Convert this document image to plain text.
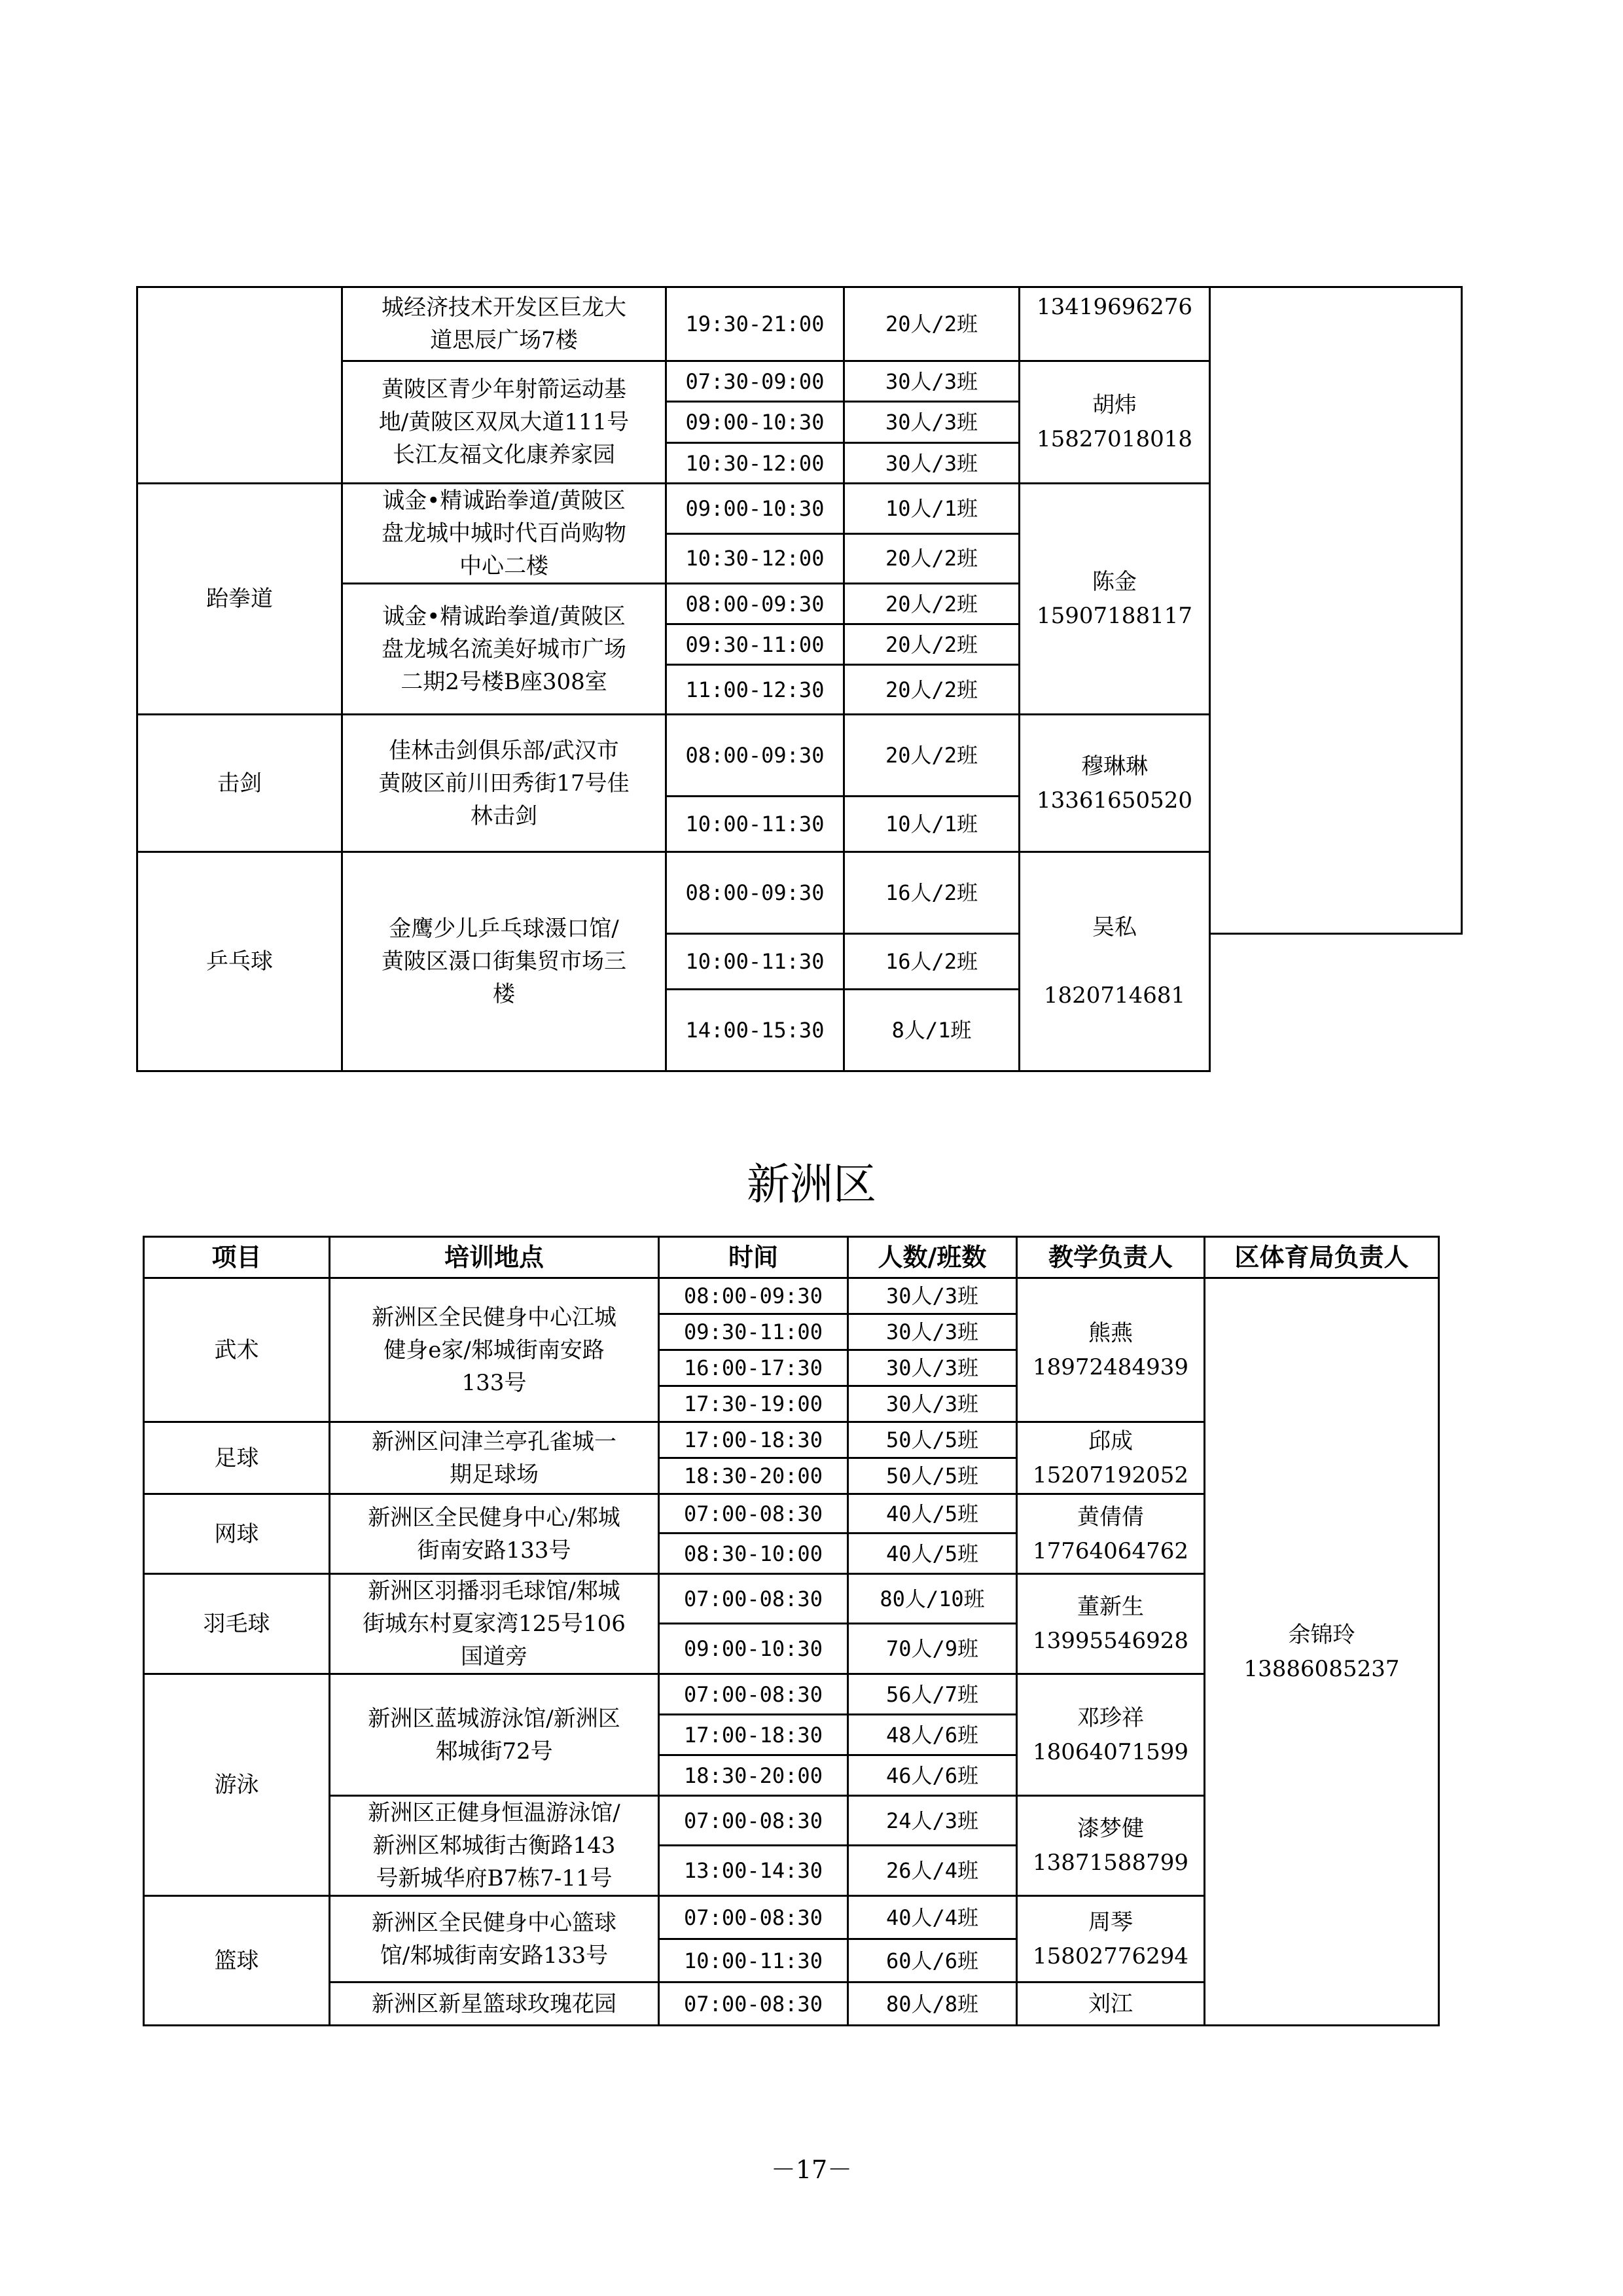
	城经济技术开发区巨龙大
道思辰广场7楼	19:30-21:00	20人/2班	13419696276	

	黄陂区青少年射箭运动基
地/黄陂区双凤大道111号
长江友福文化康养家园	07:30-09:00	30人/3班	胡炜
15827018018	

		09:00-10:30	30人/3班		
		10:30-12:00	30人/3班		
跆拳道	诚金•精诚跆拳道/黄陂区
盘龙城中城时代百尚购物
中心二楼	09:00-10:30	10人/1班	陈金
15907188117	

		10:30-12:00	20人/2班		

	诚金•精诚跆拳道/黄陂区
盘龙城名流美好城市广场
二期2号楼B座308室	08:00-09:30	20人/2班		
		09:30-11:00	20人/2班		
		11:00-12:30	20人/2班		
击剑	佳林击剑俱乐部/武汉市
黄陂区前川田秀街17号佳
林击剑	08:00-09:30	20人/2班	穆琳琳
13361650520	

		10:00-11:30	10人/1班		
乒乓球	金鹰少儿乒乓球滠口馆/
黄陂区滠口街集贸市场三
楼	08:00-09:30	16人/2班	吴私

1820714681	

		10:00-11:30	16人/2班		
		14:00-15:30	8人/1班		
新洲区
项目	培训地点	时间	人数/班数	教学负责人	区体育局负责人
武术	新洲区全民健身中心江城
健身e家/邾城街南安路
133号	08:00-09:30	30人/3班	熊燕
18972484939	余锦玲
13886085237

		09:30-11:00	30人/3班		
		16:00-17:30	30人/3班		
		17:30-19:00	30人/3班		
足球	新洲区问津兰亭孔雀城一
期足球场	17:00-18:30	50人/5班	邱成
15207192052	

		18:30-20:00	50人/5班		
网球	新洲区全民健身中心/邾城
街南安路133号	07:00-08:30	40人/5班	黄倩倩
17764064762	

		08:30-10:00	40人/5班		
羽毛球	新洲区羽播羽毛球馆/邾城
街城东村夏家湾125号106
国道旁	07:00-08:30	80人/10班	董新生
13995546928	

		09:00-10:30	70人/9班		
游泳	新洲区蓝城游泳馆/新洲区
邾城街72号	07:00-08:30	56人/7班	邓珍祥
18064071599	

		17:00-18:30	48人/6班		
		18:30-20:00	46人/6班		

	新洲区正健身恒温游泳馆/
新洲区邾城街古衡路143
号新城华府B7栋7-11号	07:00-08:30	24人/3班	漆梦健
13871588799	

		13:00-14:30	26人/4班		
篮球	新洲区全民健身中心篮球
馆/邾城街南安路133号	07:00-08:30	40人/4班	周琴
15802776294	

		10:00-11:30	60人/6班		
	新洲区新星篮球玫瑰花园	07:00-08:30	80人/8班	刘江	
－17－
